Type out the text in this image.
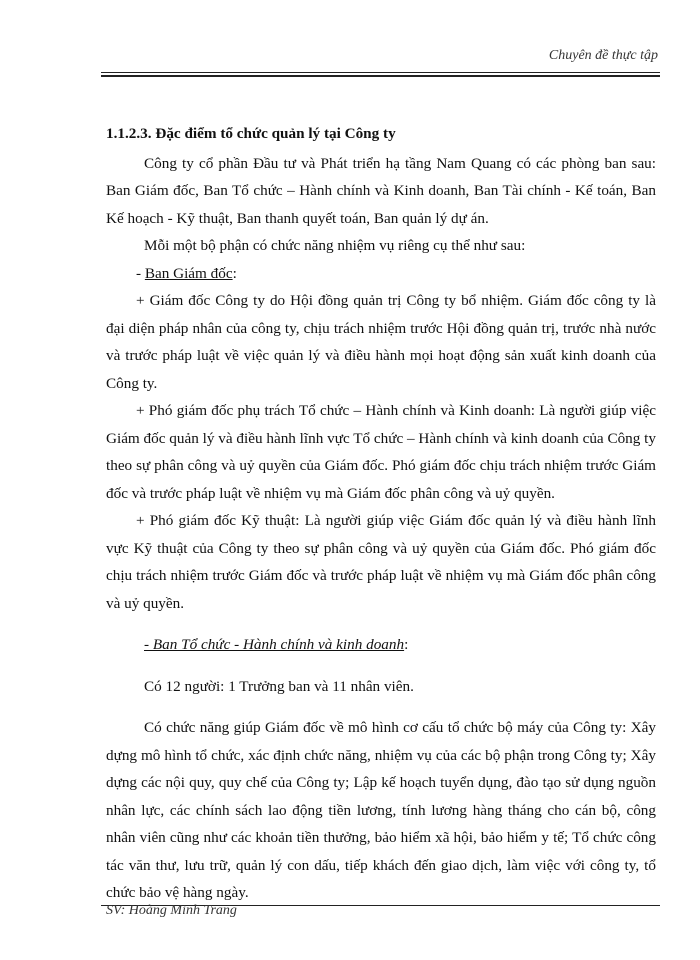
Chuyên đề thực tập

1.1.2.3. Đặc điểm tổ chức quản lý tại Công ty

Công ty cổ phần Đầu tư và Phát triển hạ tầng Nam Quang có các phòng ban sau: Ban Giám đốc, Ban Tổ chức – Hành chính và Kinh doanh, Ban Tài chính - Kế toán, Ban Kế hoạch - Kỹ thuật, Ban thanh quyết toán, Ban quản lý dự án.

Mỗi một bộ phận có chức năng nhiệm vụ riêng cụ thể như sau:

- Ban Giám đốc:

+ Giám đốc Công ty do Hội đồng quản trị Công ty bổ nhiệm. Giám đốc công ty là đại diện pháp nhân của công ty, chịu trách nhiệm trước Hội đồng quản trị, trước nhà nước và trước pháp luật về việc quản lý và điều hành mọi hoạt động sản xuất kinh doanh của Công ty.

+ Phó giám đốc phụ trách Tổ chức – Hành chính và Kinh doanh: Là người giúp việc Giám đốc quản lý và điều hành lĩnh vực Tổ chức – Hành chính và kinh doanh của Công ty theo sự phân công và uỷ quyền của Giám đốc. Phó giám đốc chịu trách nhiệm trước Giám đốc và trước pháp luật về nhiệm vụ mà Giám đốc phân công và uỷ quyền.

+ Phó giám đốc Kỹ thuật: Là người giúp việc Giám đốc quản lý và điều hành lĩnh vực Kỹ thuật của Công ty theo sự phân công và uỷ quyền của Giám đốc. Phó giám đốc chịu trách nhiệm trước Giám đốc và trước pháp luật về nhiệm vụ mà Giám đốc phân công và uỷ quyền.

- Ban Tổ chức - Hành chính và kinh doanh:

Có 12 người: 1 Trưởng ban và 11 nhân viên.

Có chức năng giúp Giám đốc về mô hình cơ cấu tổ chức bộ máy của Công ty: Xây dựng mô hình tổ chức, xác định chức năng, nhiệm vụ của các bộ phận trong Công ty; Xây dựng các nội quy, quy chế của Công ty; Lập kế hoạch tuyển dụng, đào tạo sử dụng nguồn nhân lực, các chính sách lao động tiền lương, tính lương hàng tháng cho cán bộ, công nhân viên cũng như các khoản tiền thưởng, bảo hiểm xã hội, bảo hiểm y tế; Tổ chức công tác văn thư, lưu trữ, quản lý con dấu, tiếp khách đến giao dịch, làm việc với công ty, tổ chức bảo vệ hàng ngày.

SV: Hoàng Minh Trang
